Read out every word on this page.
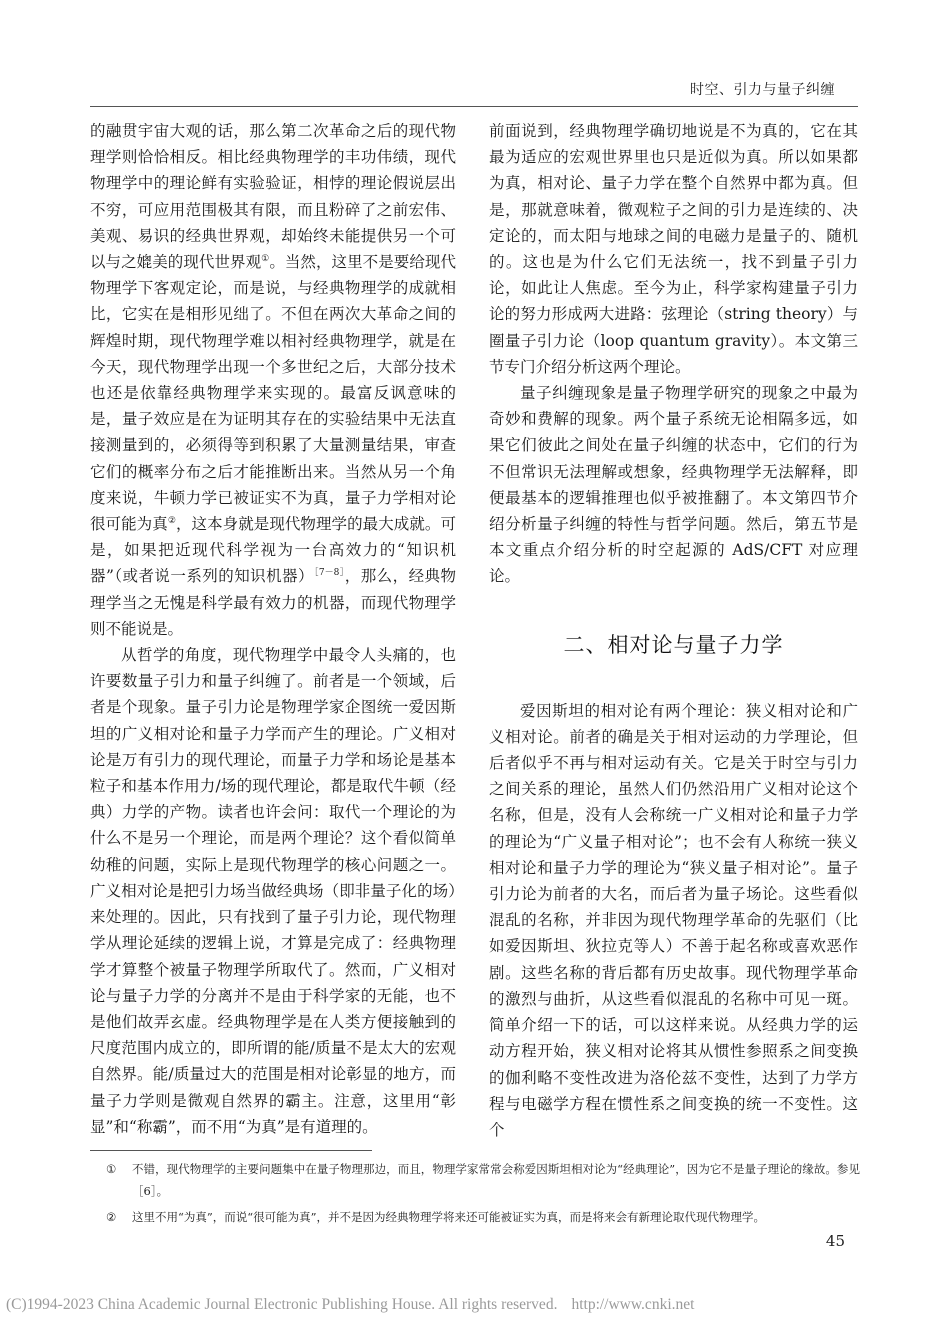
时空、引力与量子纠缠

的融贯宇宙大观的话，那么第二次革命之后的现代物理学则恰恰相反。相比经典物理学的丰功伟绩，现代物理学中的理论鲜有实验验证，相悖的理论假说层出不穷，可应用范围极其有限，而且粉碎了之前宏伟、美观、易识的经典世界观，却始终未能提供另一个可以与之媲美的现代世界观①。当然，这里不是要给现代物理学下客观定论，而是说，与经典物理学的成就相比，它实在是相形见绌了。不但在两次大革命之间的辉煌时期，现代物理学难以相衬经典物理学，就是在今天，现代物理学出现一个多世纪之后，大部分技术也还是依靠经典物理学来实现的。最富反讽意味的是，量子效应是在为证明其存在的实验结果中无法直接测量到的，必须得等到积累了大量测量结果，审查它们的概率分布之后才能推断出来。当然从另一个角度来说，牛顿力学已被证实不为真，量子力学相对论很可能为真②，这本身就是现代物理学的最大成就。可是，如果把近现代科学视为一台高效力的“知识机器”（或者说一系列的知识机器）$^{[7-8]}$，那么，经典物理学当之无愧是科学最有效力的机器，而现代物理学则不能说是。

从哲学的角度，现代物理学中最令人头痛的，也许要数量子引力和量子纠缠了。前者是一个领域，后者是个现象。量子引力论是物理学家企图统一爱因斯坦的广义相对论和量子力学而产生的理论。广义相对论是万有引力的现代理论，而量子力学和场论是基本粒子和基本作用力/场的现代理论，都是取代牛顿（经典）力学的产物。读者也许会问：取代一个理论的为什么不是另一个理论，而是两个理论？这个看似简单幼稚的问题，实际上是现代物理学的核心问题之一。广义相对论是把引力场当做经典场（即非量子化的场）来处理的。因此，只有找到了量子引力论，现代物理学从理论延续的逻辑上说，才算是完成了：经典物理学才算整个被量子物理学所取代了。然而，广义相对论与量子力学的分离并不是由于科学家的无能，也不是他们故弄玄虚。经典物理学是在人类方便接触到的尺度范围内成立的，即所谓的能/质量不是太大的宏观自然界。能/质量过大的范围是相对论彰显的地方，而量子力学则是微观自然界的霸主。注意，这里用“彰显”和“称霸”，而不用“为真”是有道理的。

前面说到，经典物理学确切地说是不为真的，它在其最为适应的宏观世界里也只是近似为真。所以如果都为真，相对论、量子力学在整个自然界中都为真。但是，那就意味着，微观粒子之间的引力是连续的、决定论的，而太阳与地球之间的电磁力是量子的、随机的。这也是为什么它们无法统一，找不到量子引力论，如此让人焦虑。至今为止，科学家构建量子引力论的努力形成两大进路：弦理论（string theory）与圈量子引力论（loop quantum gravity）。本文第三节专门介绍分析这两个理论。

量子纠缠现象是量子物理学研究的现象之中最为奇妙和费解的现象。两个量子系统无论相隔多远，如果它们彼此之间处在量子纠缠的状态中，它们的行为不但常识无法理解或想象，经典物理学无法解释，即便最基本的逻辑推理也似乎被推翻了。本文第四节介绍分析量子纠缠的特性与哲学问题。然后，第五节是本文重点介绍分析的时空起源的 AdS/CFT 对应理论。

二、相对论与量子力学

爱因斯坦的相对论有两个理论：狭义相对论和广义相对论。前者的确是关于相对运动的力学理论，但后者似乎不再与相对运动有关。它是关于时空与引力之间关系的理论，虽然人们仍然沿用广义相对论这个名称，但是，没有人会称统一广义相对论和量子力学的理论为“广义量子相对论”；也不会有人称统一狭义相对论和量子力学的理论为“狭义量子相对论”。量子引力论为前者的大名，而后者为量子场论。这些看似混乱的名称，并非因为现代物理学革命的先驱们（比如爱因斯坦、狄拉克等人）不善于起名称或喜欢恶作剧。这些名称的背后都有历史故事。现代物理学革命的激烈与曲折，从这些看似混乱的名称中可见一斑。简单介绍一下的话，可以这样来说。从经典力学的运动方程开始，狭义相对论将其从惯性参照系之间变换的伽利略不变性改进为洛伦兹不变性，达到了力学方程与电磁学方程在惯性系之间变换的统一不变性。这个

① 不错，现代物理学的主要问题集中在量子物理那边，而且，物理学家常常会称爱因斯坦相对论为“经典理论”，因为它不是量子理论的缘故。参见［6］。

② 这里不用“为真”，而说“很可能为真”，并不是因为经典物理学将来还可能被证实为真，而是将来会有新理论取代现代物理学。

45
(C)1994-2023 China Academic Journal Electronic Publishing House. All rights reserved. http://www.cnki.net
